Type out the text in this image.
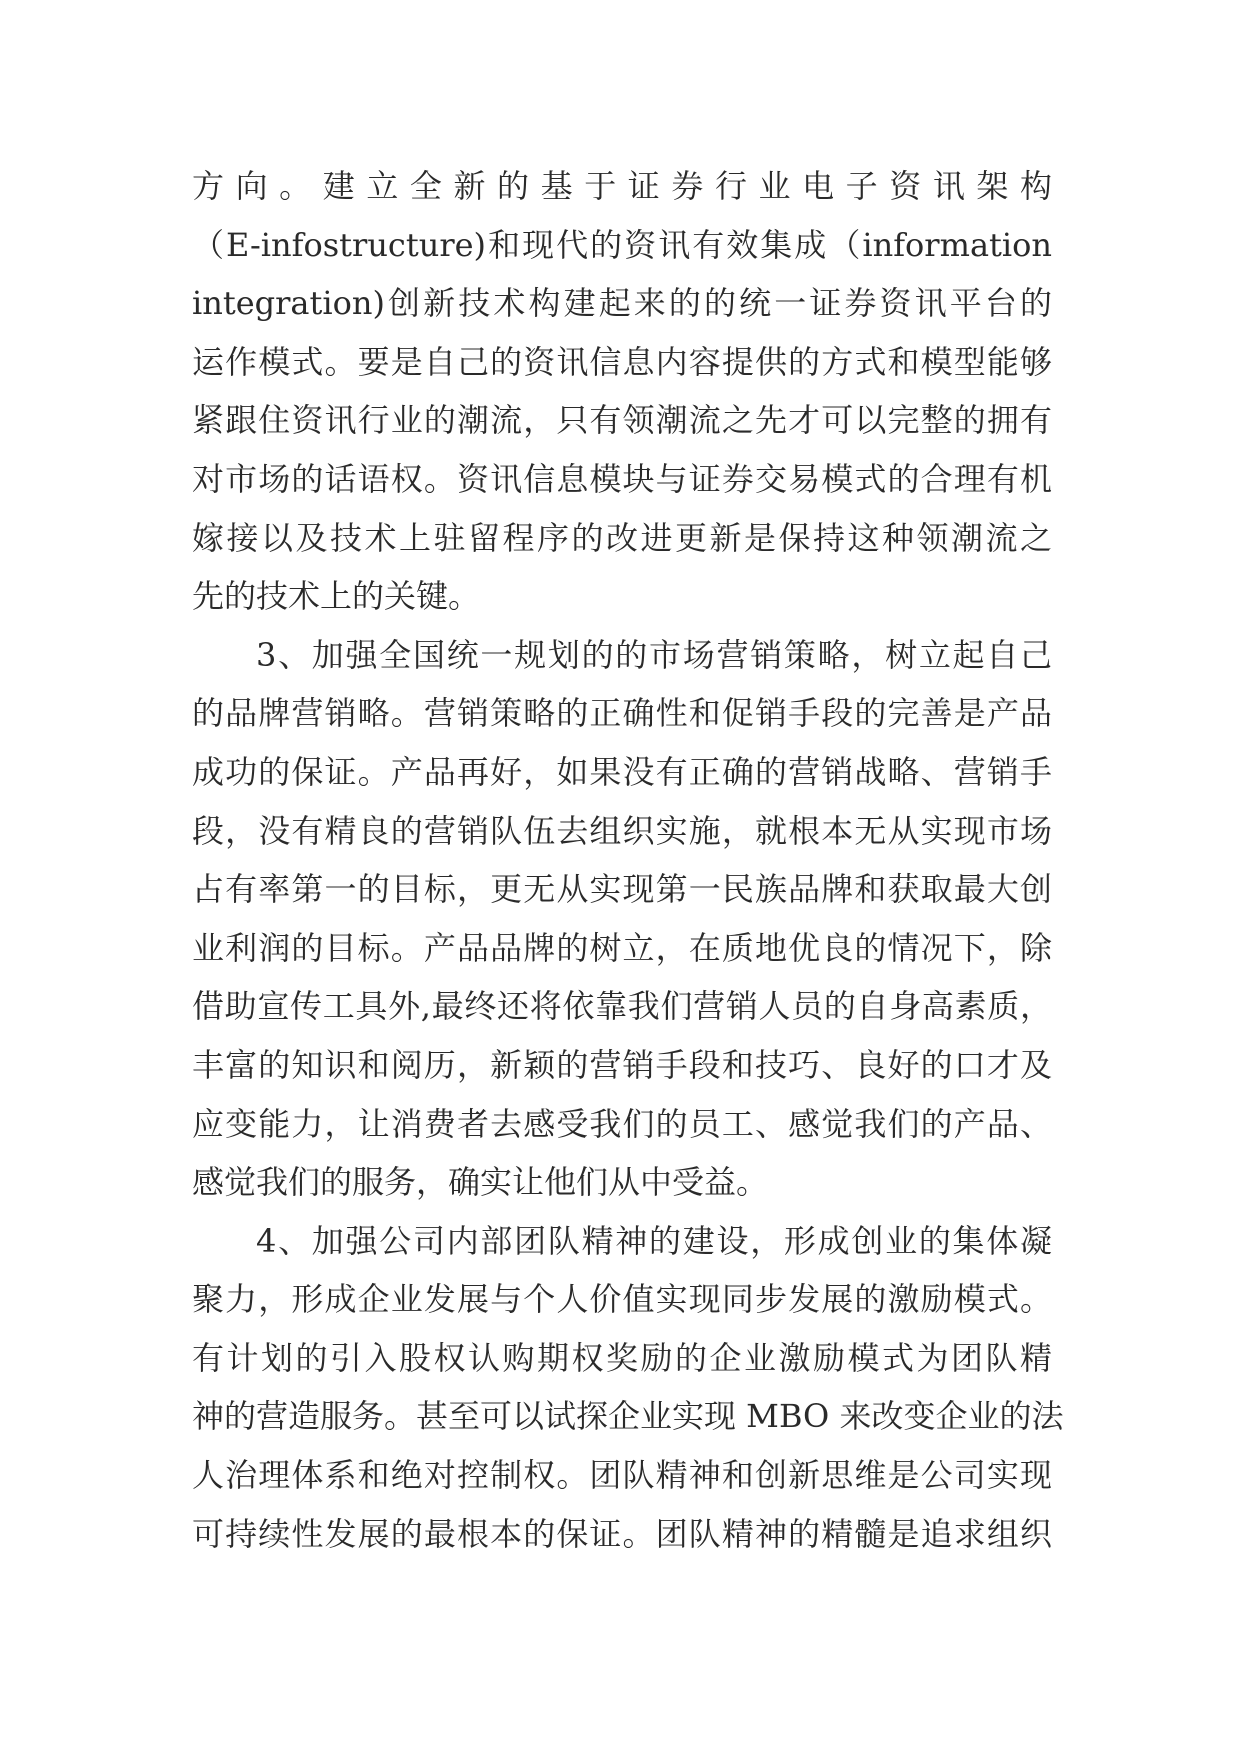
方向。建立全新的基于证券行业电子资讯架构
（E-infostructure)和现代的资讯有效集成（information
integration)创新技术构建起来的的统一证券资讯平台的
运作模式。要是自己的资讯信息内容提供的方式和模型能够
紧跟住资讯行业的潮流，只有领潮流之先才可以完整的拥有
对市场的话语权。资讯信息模块与证券交易模式的合理有机
嫁接以及技术上驻留程序的改进更新是保持这种领潮流之
先的技术上的关键。
3、加强全国统一规划的的市场营销策略，树立起自己
的品牌营销略。营销策略的正确性和促销手段的完善是产品
成功的保证。产品再好，如果没有正确的营销战略、营销手
段，没有精良的营销队伍去组织实施，就根本无从实现市场
占有率第一的目标，更无从实现第一民族品牌和获取最大创
业利润的目标。产品品牌的树立，在质地优良的情况下，除
借助宣传工具外,最终还将依靠我们营销人员的自身高素质，
丰富的知识和阅历，新颖的营销手段和技巧、良好的口才及
应变能力，让消费者去感受我们的员工、感觉我们的产品、
感觉我们的服务，确实让他们从中受益。
4、加强公司内部团队精神的建设，形成创业的集体凝
聚力，形成企业发展与个人价值实现同步发展的激励模式。
有计划的引入股权认购期权奖励的企业激励模式为团队精
神的营造服务。甚至可以试探企业实现 MBO 来改变企业的法
人治理体系和绝对控制权。团队精神和创新思维是公司实现
可持续性发展的最根本的保证。团队精神的精髓是追求组织
